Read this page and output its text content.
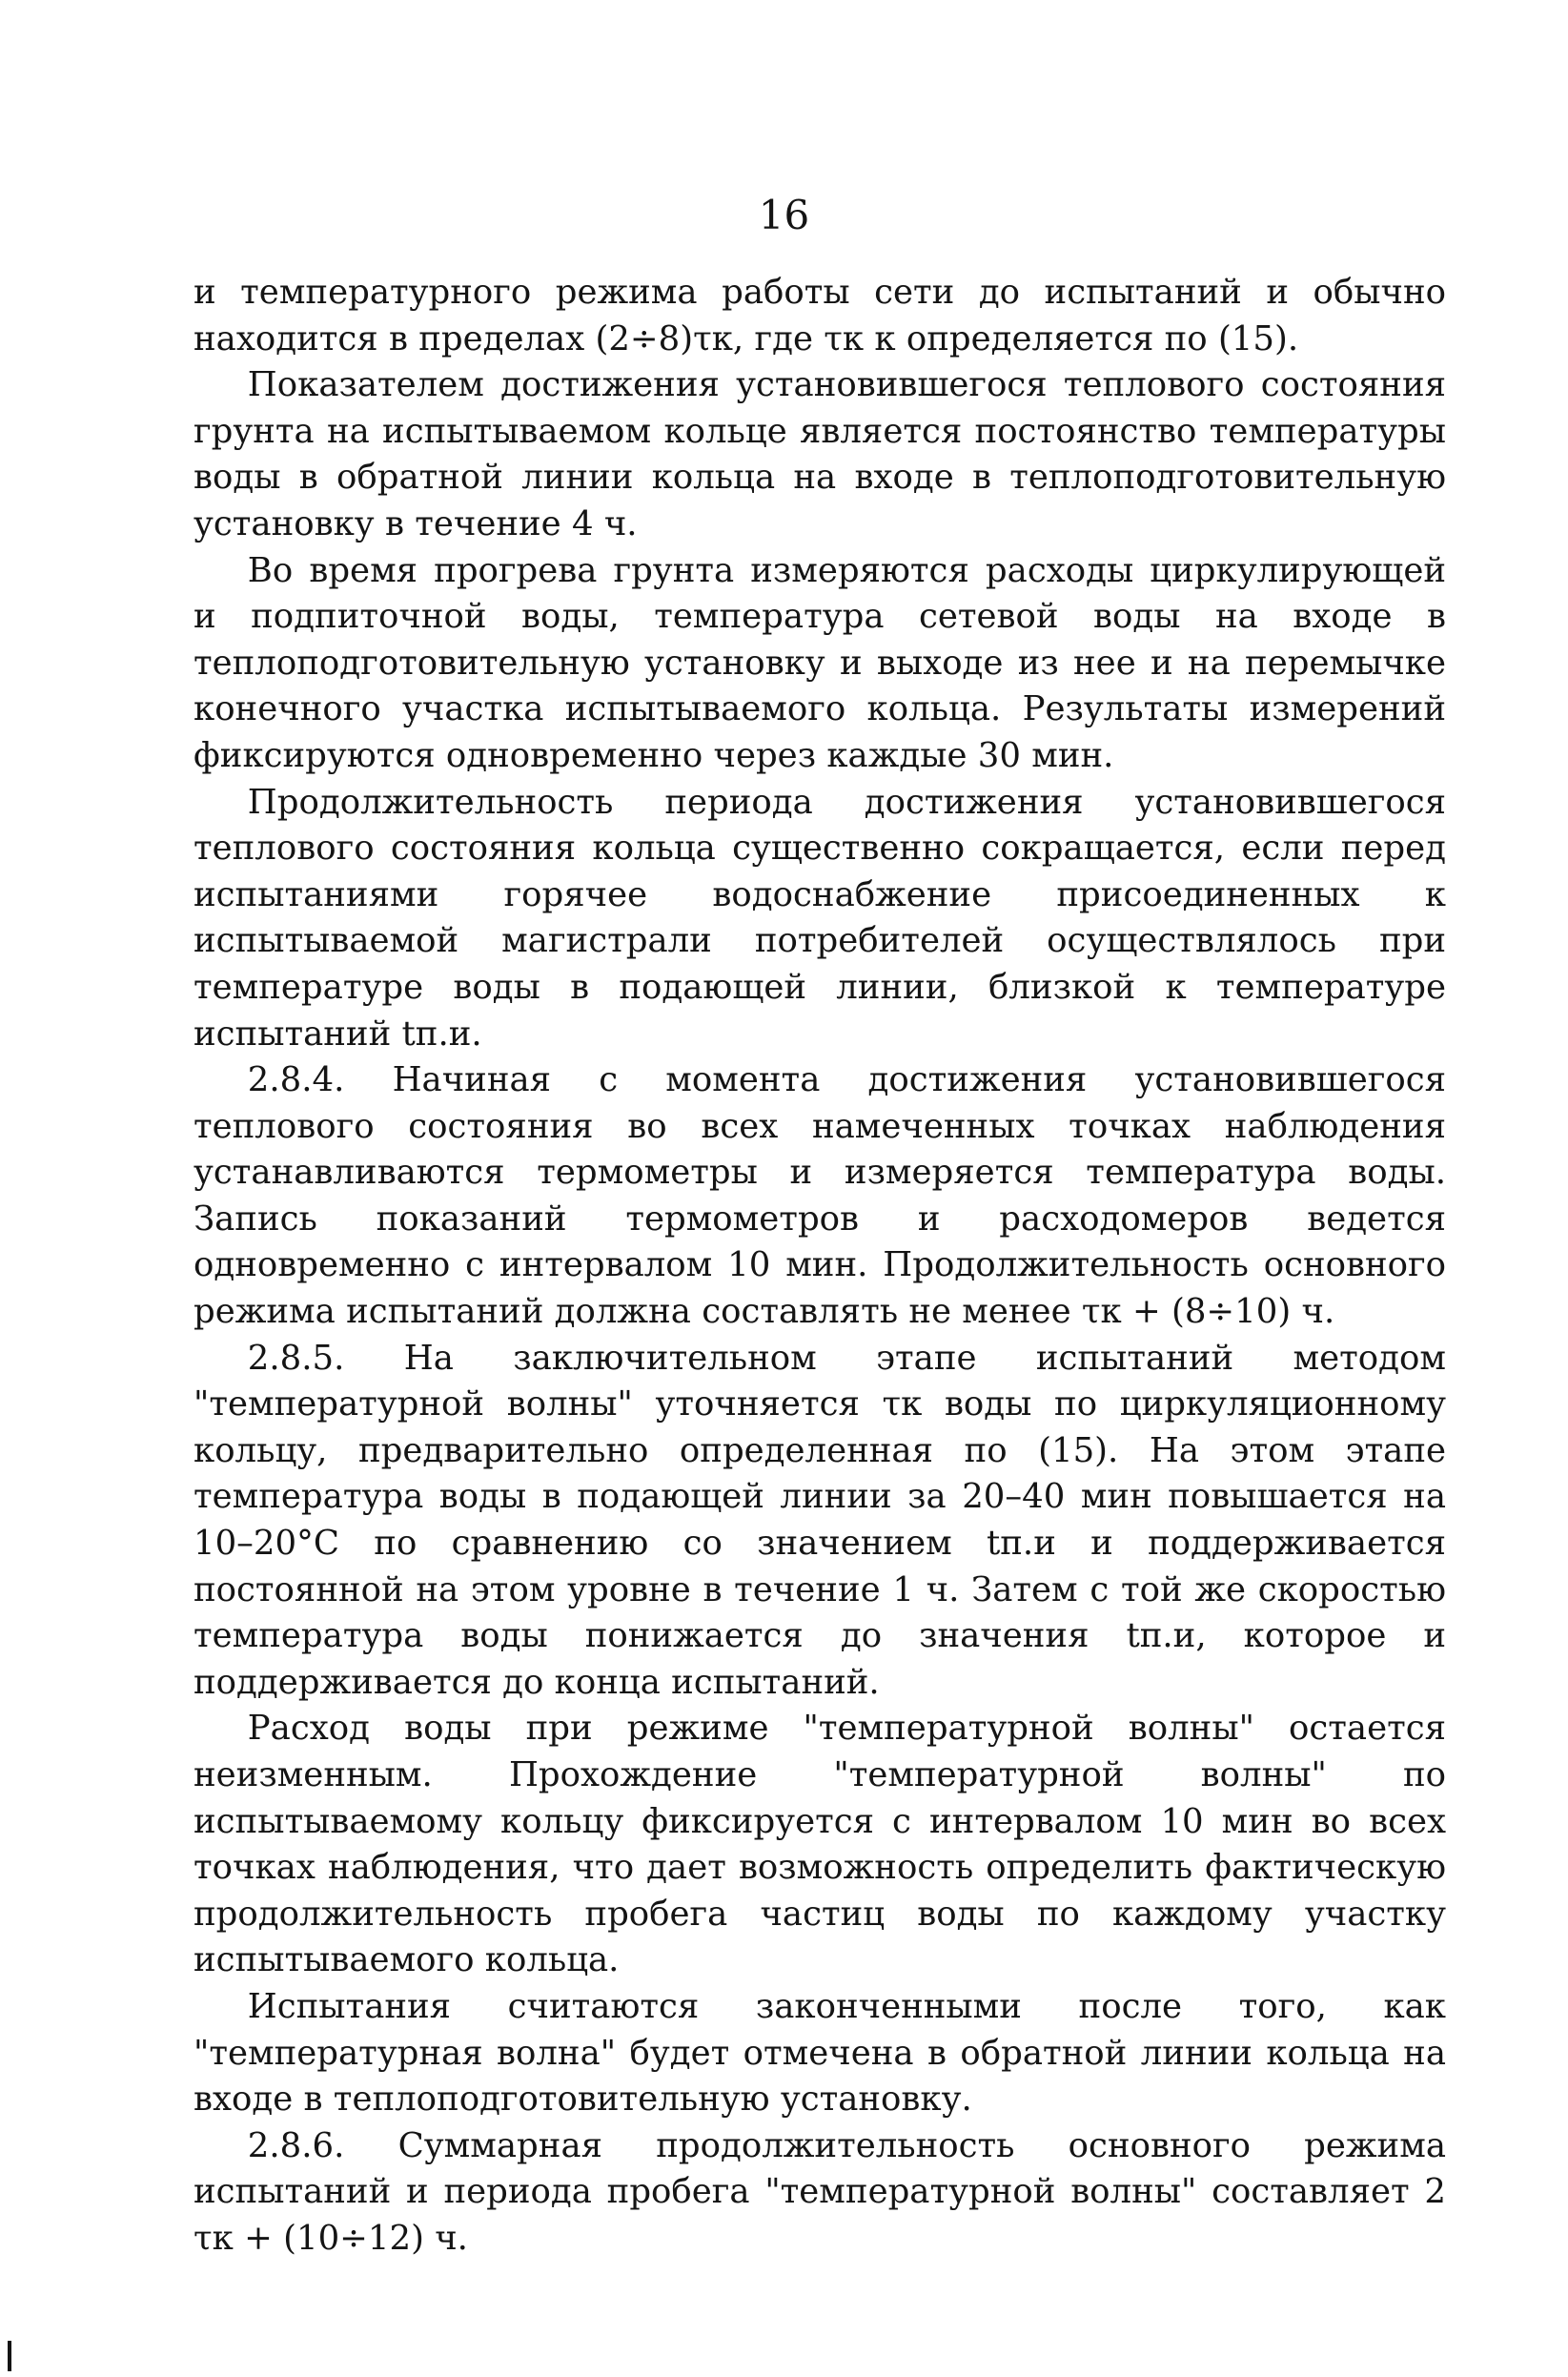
16

и температурного режима работы сети до испытаний и обычно находится в пределах (2÷8)τк, где τк к определяется по (15).

Показателем достижения установившегося теплового состояния грунта на испытываемом кольце является постоянство температуры воды в обратной линии кольца на входе в теплоподготовительную установку в течение 4 ч.

Во время прогрева грунта измеряются расходы циркулирующей и подпиточной воды, температура сетевой воды на входе в теплоподготовительную установку и выходе из нее и на перемычке конечного участка испытываемого кольца. Результаты измерений фиксируются одновременно через каждые 30 мин.

Продолжительность периода достижения установившегося теплового состояния кольца существенно сокращается, если перед испытаниями горячее водоснабжение присоединенных к испытываемой магистрали потребителей осуществлялось при температуре воды в подающей линии, близкой к температуре испытаний tп.и.

2.8.4. Начиная с момента достижения установившегося теплового состояния во всех намеченных точках наблюдения устанавливаются термометры и измеряется температура воды. Запись показаний термометров и расходомеров ведется одновременно с интервалом 10 мин. Продолжительность основного режима испытаний должна составлять не менее τк + (8÷10) ч.

2.8.5. На заключительном этапе испытаний методом "температурной волны" уточняется τк воды по циркуляционному кольцу, предварительно определенная по (15). На этом этапе температура воды в подающей линии за 20–40 мин повышается на 10–20°С по сравнению со значением tп.и и поддерживается постоянной на этом уровне в течение 1 ч. Затем с той же скоростью температура воды понижается до значения tп.и, которое и поддерживается до конца испытаний.

Расход воды при режиме "температурной волны" остается неизменным. Прохождение "температурной волны" по испытываемому кольцу фиксируется с интервалом 10 мин во всех точках наблюдения, что дает возможность определить фактическую продолжительность пробега частиц воды по каждому участку испытываемого кольца.

Испытания считаются законченными после того, как "температурная волна" будет отмечена в обратной линии кольца на входе в теплоподготовительную установку.

2.8.6. Суммарная продолжительность основного режима испытаний и периода пробега "температурной волны" составляет 2 τк + (10÷12) ч.
